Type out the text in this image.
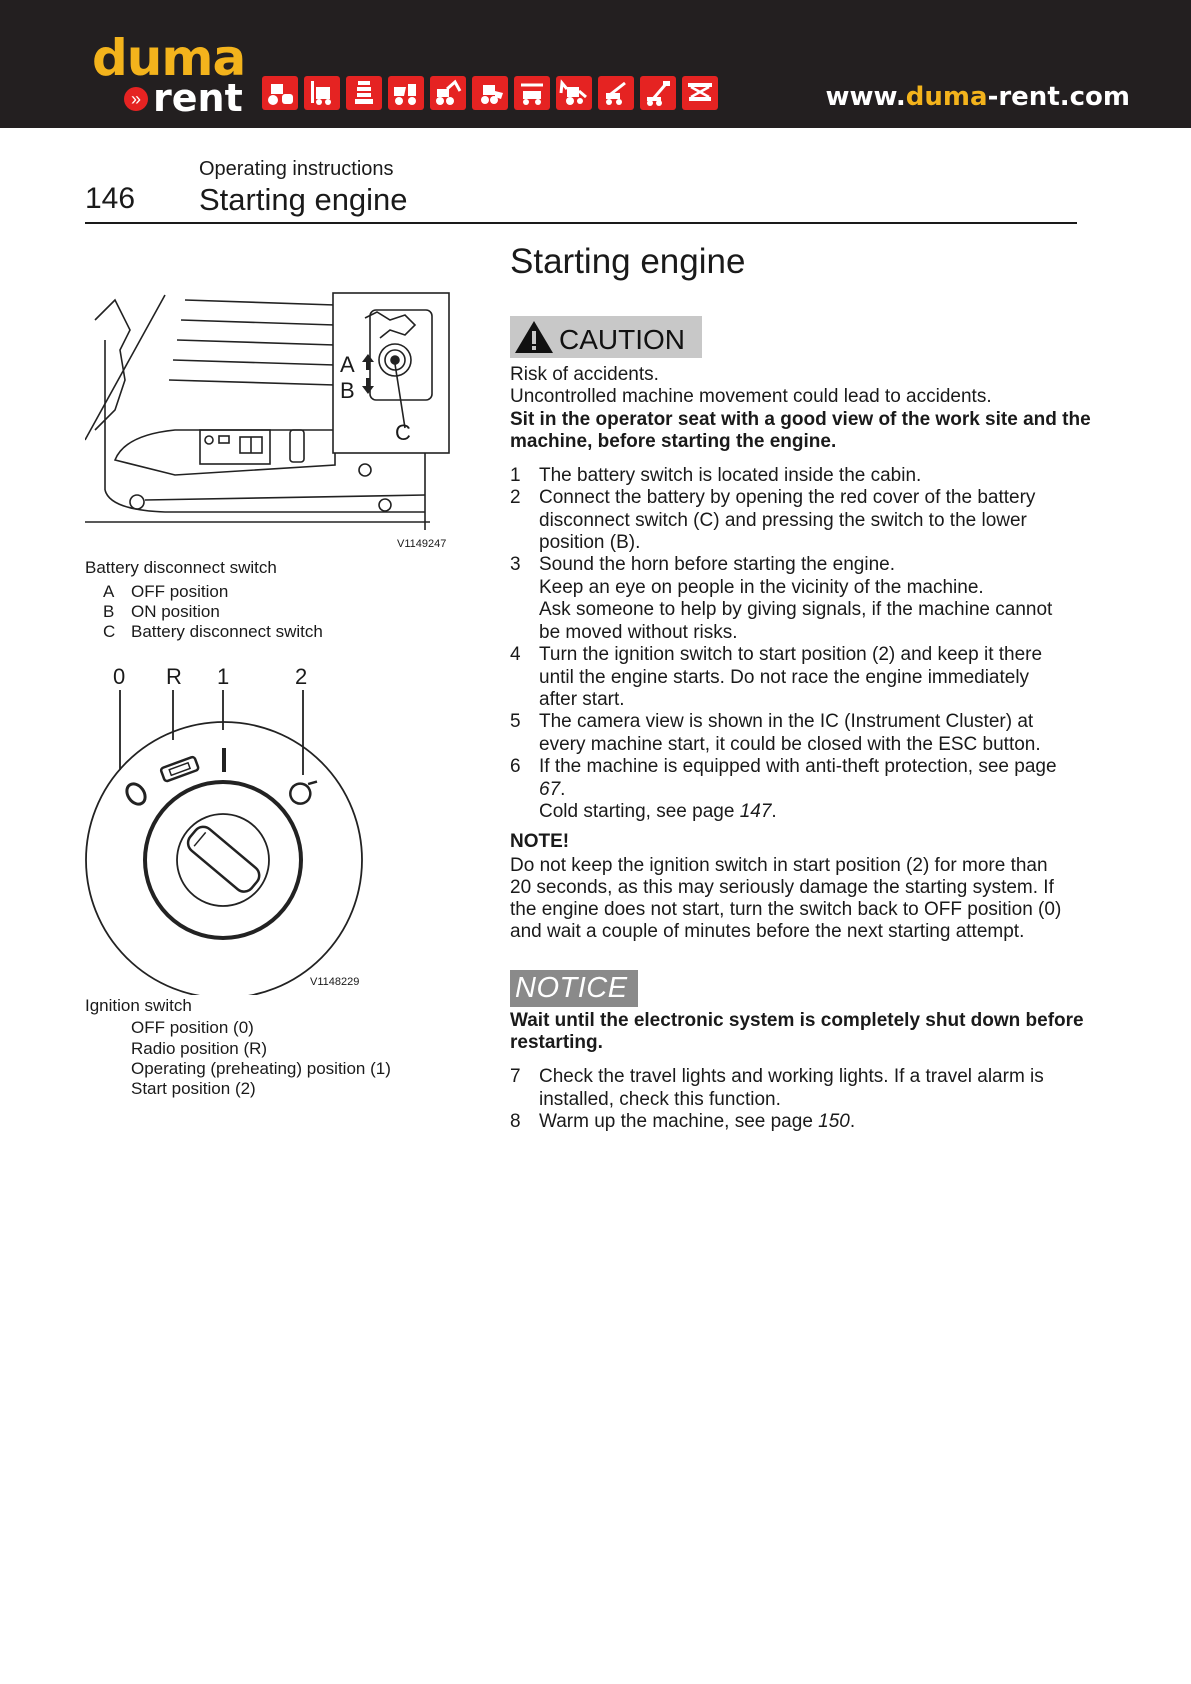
duma
» rent	www.duma-rent.com
Operating instructions
146 Starting engine
A
B
C
V1149247
Battery disconnect switch
A OFF position
B ON position
C Battery disconnect switch
0 R 1	2
V1148229
Ignition switch
OFF position (0)
Radio position (R)
Operating (preheating) position (1)
Start position (2)
Starting engine
CAUTION
Risk of accidents.
Uncontrolled machine movement could lead to accidents.
Sit in the operator seat with a good view of the work site and the
machine, before starting the engine.
1 The battery switch is located inside the cabin.
2 Connect the battery by opening the red cover of the battery
disconnect switch (C) and pressing the switch to the lower
position (B).
3 Sound the horn before starting the engine.
Keep an eye on people in the vicinity of the machine.
Ask someone to help by giving signals, if the machine cannot
be moved without risks.
4 Turn the ignition switch to start position (2) and keep it there
until the engine starts. Do not race the engine immediately
after start.
5 The camera view is shown in the IC (Instrument Cluster) at
every machine start, it could be closed with the ESC button.
6 If the machine is equipped with anti-theft protection, see page
67.
Cold starting, see page 147.
NOTE!
Do not keep the ignition switch in start position (2) for more than
20 seconds, as this may seriously damage the starting system. If
the engine does not start, turn the switch back to OFF position (0)
and wait a couple of minutes before the next starting attempt.
NOTICE
Wait until the electronic system is completely shut down before
restarting.
7 Check the travel lights and working lights. If a travel alarm is
installed, check this function.
8 Warm up the machine, see page 150.
